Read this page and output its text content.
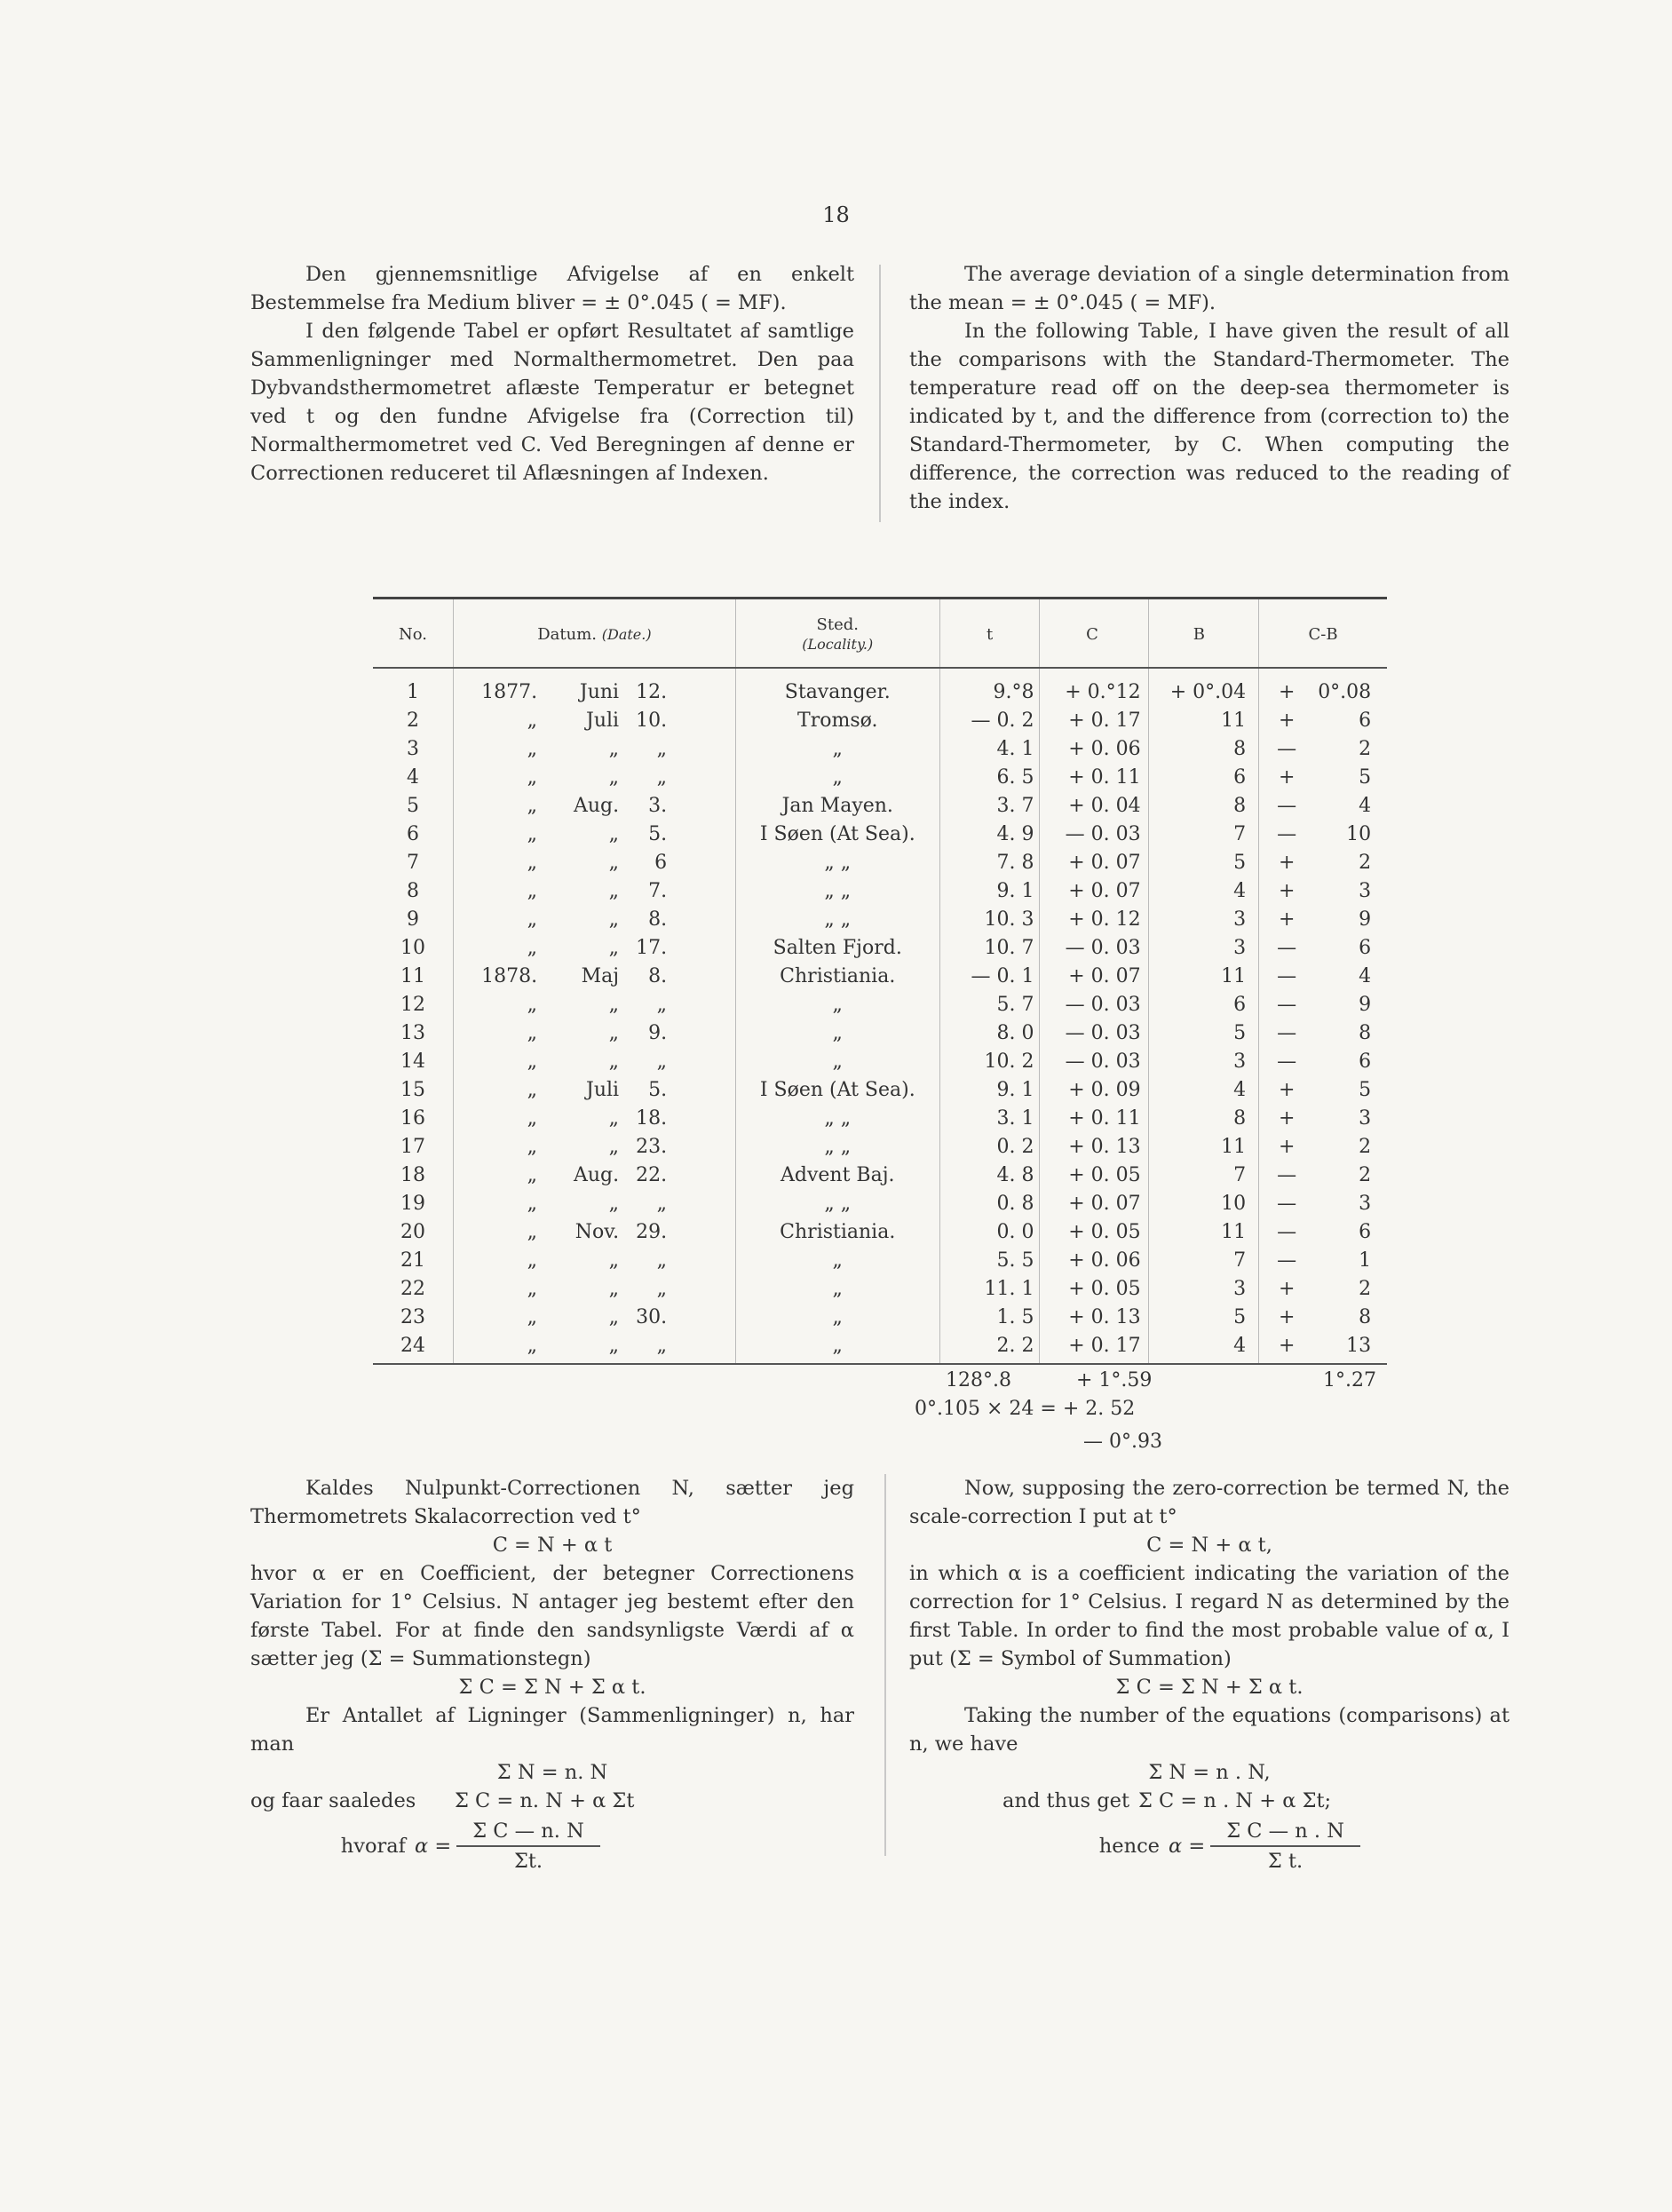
18

Den gjennemsnitlige Afvigelse af en enkelt Bestemmelse fra Medium bliver = ± 0°.045 ( = MF).

I den følgende Tabel er opført Resultatet af samtlige Sammenligninger med Normalthermometret. Den paa Dybvandsthermometret aflæste Temperatur er betegnet ved t og den fundne Afvigelse fra (Correction til) Normalthermometret ved C. Ved Beregningen af denne er Correctionen reduceret til Aflæsningen af Indexen.

The average deviation of a single determination from the mean = ± 0°.045 ( = MF).

In the following Table, I have given the result of all the comparisons with the Standard-Thermometer. The temperature read off on the deep-sea thermometer is indicated by t, and the difference from (correction to) the Standard-Thermometer, by C. When computing the difference, the correction was reduced to the reading of the index.

No.	Datum. (Date.)	Sted.
(Locality.)	t	C	B	C-B
1	1877. Juni 12.	Stavanger.	9.°8	+ 0.°12	+ 0°.04	+ 0°.08
2	„ Juli 10.	Tromsø.	— 0. 2	+ 0. 17	11	+ 6
3	„ „ „	„	4. 1	+ 0. 06	8	— 2
4	„ „ „	„	6. 5	+ 0. 11	6	+ 5
5	„ Aug. 3.	Jan Mayen.	3. 7	+ 0. 04	8	— 4
6	„ „ 5.	I Søen (At Sea).	4. 9	— 0. 03	7	— 10
7	„ „ 6	„ „	7. 8	+ 0. 07	5	+ 2
8	„ „ 7.	„ „	9. 1	+ 0. 07	4	+ 3
9	„ „ 8.	„ „	10. 3	+ 0. 12	3	+ 9
10	„ „ 17.	Salten Fjord.	10. 7	— 0. 03	3	— 6
11	1878. Maj 8.	Christiania.	— 0. 1	+ 0. 07	11	— 4
12	„ „ „	„	5. 7	— 0. 03	6	— 9
13	„ „ 9.	„	8. 0	— 0. 03	5	— 8
14	„ „ „	„	10. 2	— 0. 03	3	— 6
15	„ Juli 5.	I Søen (At Sea).	9. 1	+ 0. 09	4	+ 5
16	„ „ 18.	„ „	3. 1	+ 0. 11	8	+ 3
17	„ „ 23.	„ „	0. 2	+ 0. 13	11	+ 2
18	„ Aug. 22.	Advent Baj.	4. 8	+ 0. 05	7	— 2
19	„ „ „	„ „	0. 8	+ 0. 07	10	— 3
20	„ Nov. 29.	Christiania.	0. 0	+ 0. 05	11	— 6
21	„ „ „	„	5. 5	+ 0. 06	7	— 1
22	„ „ „	„	11. 1	+ 0. 05	3	+ 2
23	„ „ 30.	„	1. 5	+ 0. 13	5	+ 8
24	„ „ „	„	2. 2	+ 0. 17	4	+ 13
128°.8	+ 1°.59	1°.27
0°.105 × 24 = + 2. 52
— 0°.93

Kaldes Nulpunkt-Correctionen N, sætter jeg Thermometrets Skalacorrection ved t°

C = N + α t

hvor α er en Coefficient, der betegner Correctionens Variation for 1° Celsius. N antager jeg bestemt efter den første Tabel. For at finde den sandsynligste Værdi af α sætter jeg (Σ = Summationstegn)

Σ C = Σ N + Σ α t.

Er Antallet af Ligninger (Sammenligninger) n, har man

Σ N = n. N

og faar saaledes	Σ C = n. N + α Σt
hvoraf $\alpha = \frac{\text{Σ C — n. N}}{\Sigma t.}$

Now, supposing the zero-correction be termed N, the scale-correction I put at t°

C = N + α t,

in which α is a coefficient indicating the variation of the correction for 1° Celsius. I regard N as determined by the first Table. In order to find the most probable value of α, I put (Σ = Symbol of Summation)

Σ C = Σ N + Σ α t.

Taking the number of the equations (comparisons) at n, we have

Σ N = n . N,

and thus get Σ C = n . N + α Σt;
hence $\alpha = \frac{\text{Σ C — n . N}}{\text{Σ t.}}$
